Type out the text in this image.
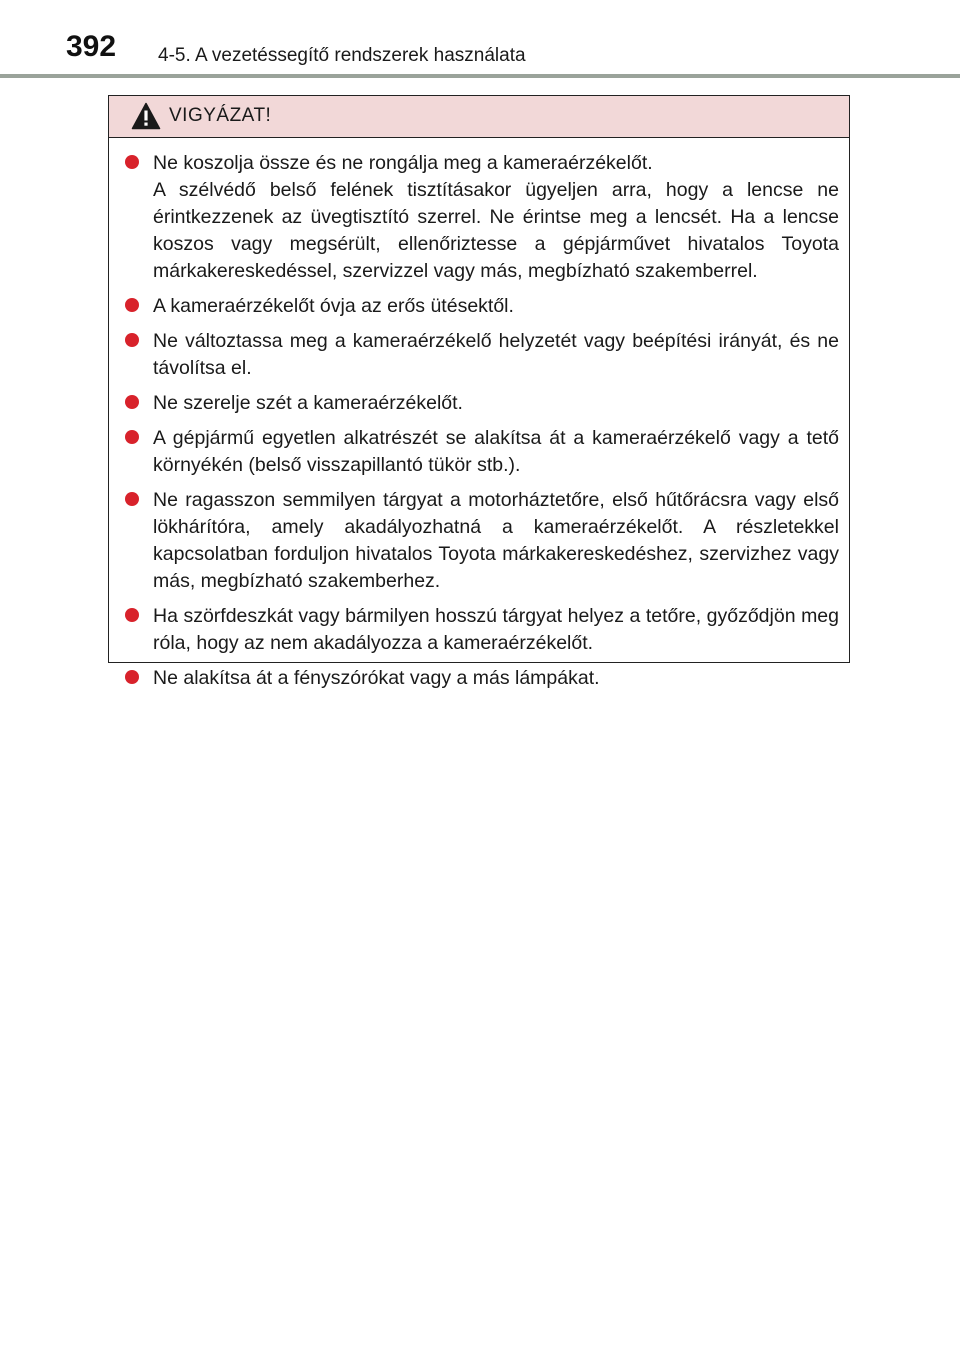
392 4-5. A vezetéssegítő rendszerek használata
VIGYÁZAT!
Ne koszolja össze és ne rongálja meg a kameraérzékelőt.
A szélvédő belső felének tisztításakor ügyeljen arra, hogy a lencse ne érintkezzenek az üvegtisztító szerrel. Ne érintse meg a lencsét. Ha a lencse koszos vagy megsérült, ellenőriztesse a gépjárművet hivatalos Toyota márkakereskedéssel, szervizzel vagy más, megbízható szakemberrel.
A kameraérzékelőt óvja az erős ütésektől.
Ne változtassa meg a kameraérzékelő helyzetét vagy beépítési irányát, és ne távolítsa el.
Ne szerelje szét a kameraérzékelőt.
A gépjármű egyetlen alkatrészét se alakítsa át a kameraérzékelő vagy a tető környékén (belső visszapillantó tükör stb.).
Ne ragasszon semmilyen tárgyat a motorháztetőre, első hűtőrácsra vagy első lökhárítóra, amely akadályozhatná a kameraérzékelőt. A részletekkel kapcsolatban forduljon hivatalos Toyota márkakereskedéshez, szervizhez vagy más, megbízható szakemberhez.
Ha szörfdeszkát vagy bármilyen hosszú tárgyat helyez a tetőre, győződjön meg róla, hogy az nem akadályozza a kameraérzékelőt.
Ne alakítsa át a fényszórókat vagy a más lámpákat.
